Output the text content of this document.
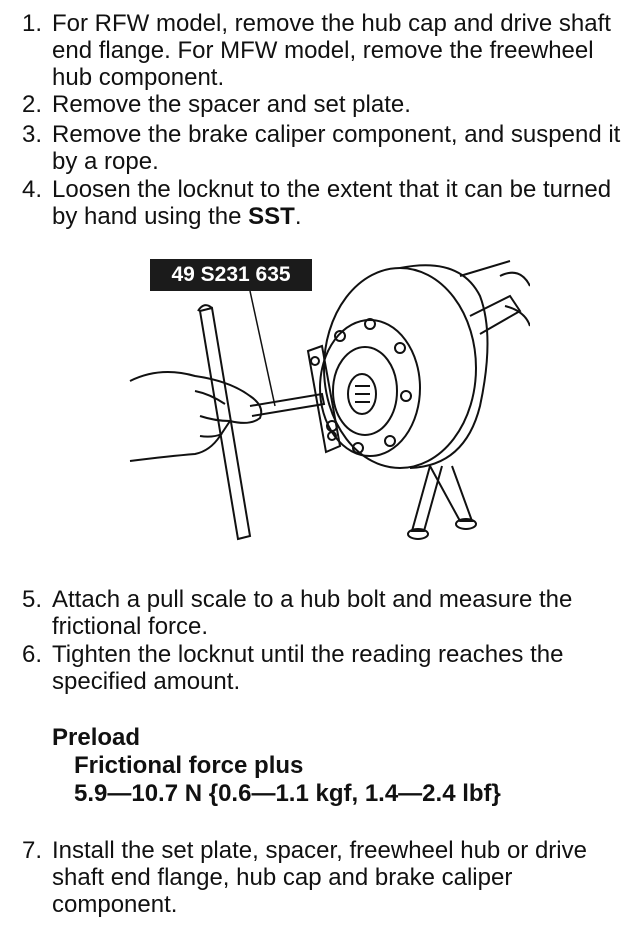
1. For RFW model, remove the hub cap and drive shaft end flange. For MFW model, remove the freewheel hub component.
2. Remove the spacer and set plate.
3. Remove the brake caliper component, and suspend it by a rope.
4. Loosen the locknut to the extent that it can be turned by hand using the SST.
49 S231 635
5. Attach a pull scale to a hub bolt and measure the frictional force.
6. Tighten the locknut until the reading reaches the specified amount.
Preload
Frictional force plus
5.9—10.7 N {0.6—1.1 kgf, 1.4—2.4 lbf}
7. Install the set plate, spacer, freewheel hub or drive shaft end flange, hub cap and brake caliper component.
